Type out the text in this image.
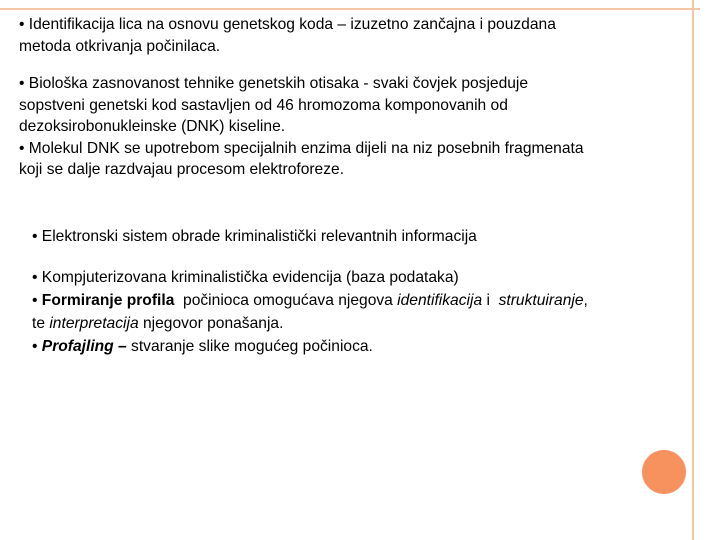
• Identifikacija lica na osnovu genetskog koda – izuzetno zančajna i pouzdana
metoda otkrivanja počinilaca.

• Biološka zasnovanost tehnike genetskih otisaka - svaki čovjek posjeduje
sopstveni genetski kod sastavljen od 46 hromozoma komponovanih od
dezoksirobonukleinske (DNK) kiseline.
• Molekul DNK se upotrebom specijalnih enzima dijeli na niz posebnih fragmenata
koji se dalje razdvajau procesom elektroforeze.

• Elektronski sistem obrade kriminalistički relevantnih informacija
• Kompjuterizovana kriminalistička evidencija (baza podataka)
• Formiranje profila  počinioca omogućava njegova identifikacija i  struktuiranje,
te interpretacija njegovor ponašanja.
• Profajling – stvaranje slike mogućeg počinioca.
